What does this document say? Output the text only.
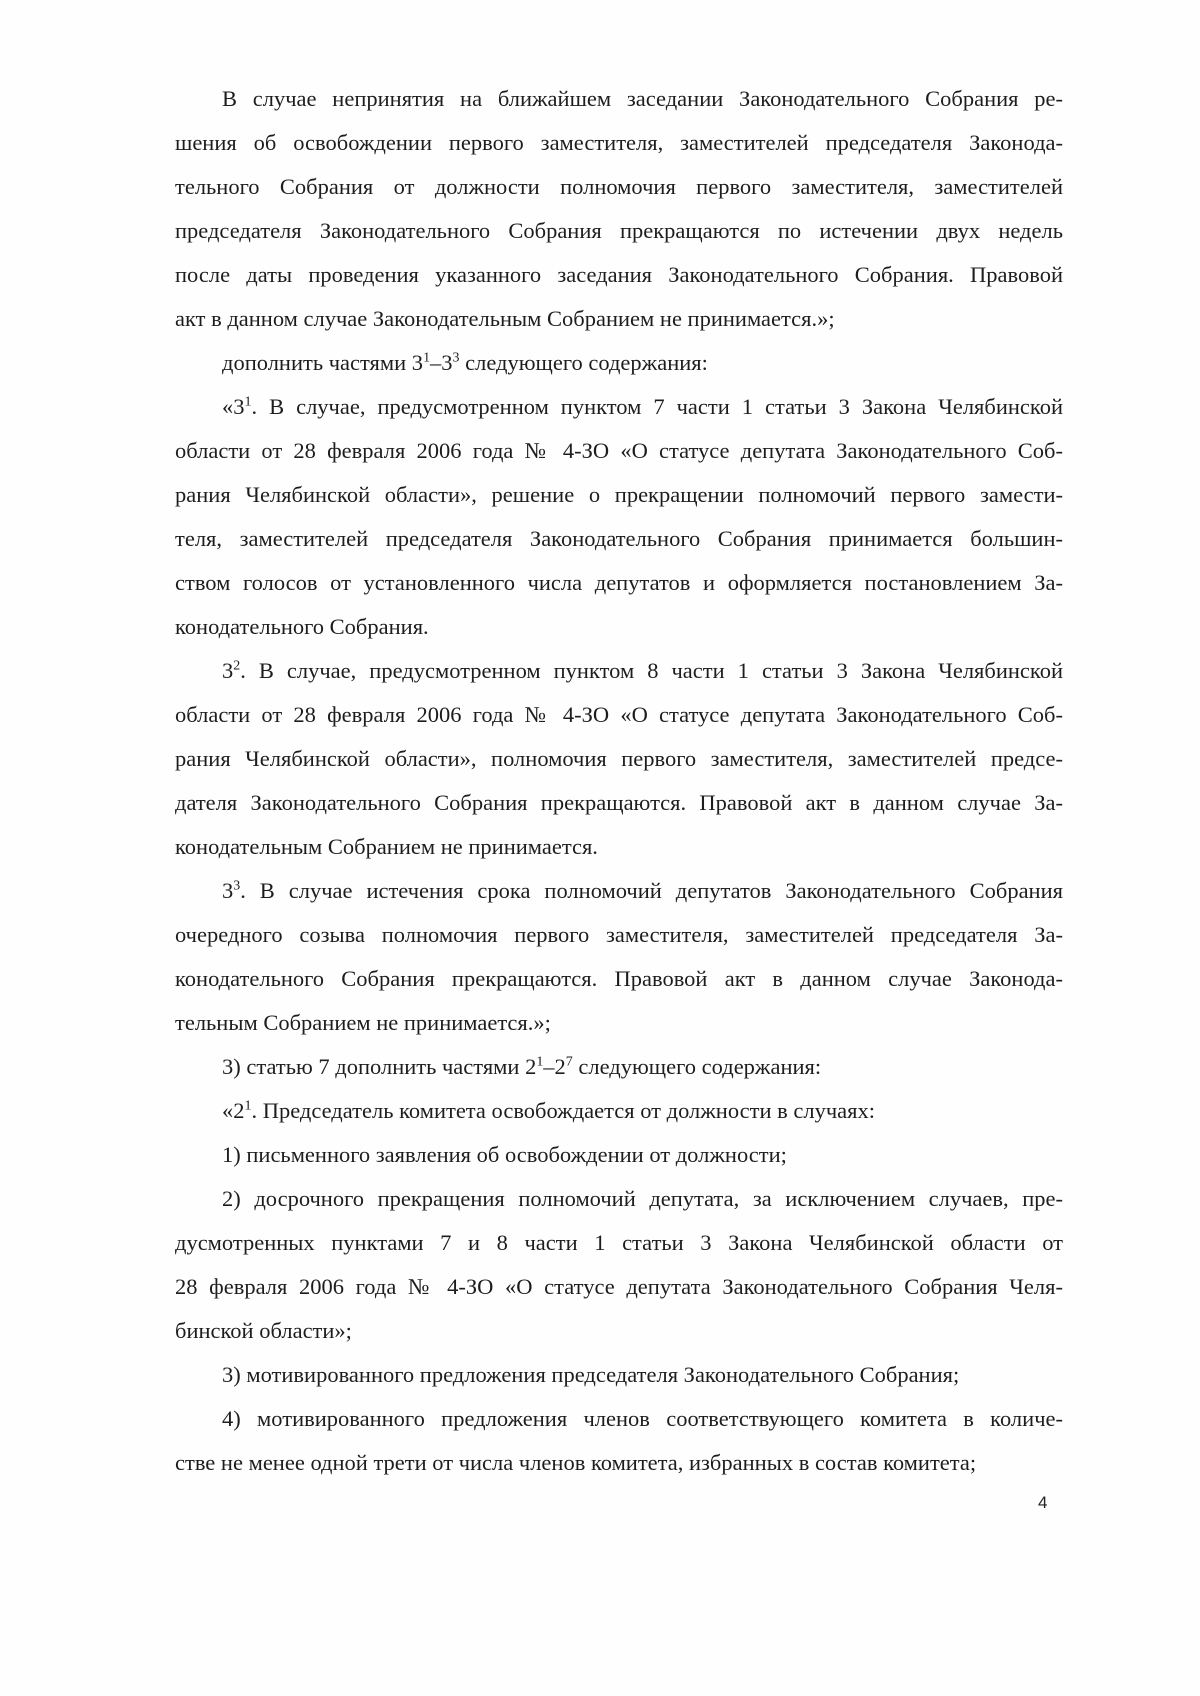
В случае непринятия на ближайшем заседании Законодательного Собрания ре-
шения об освобождении первого заместителя, заместителей председателя Законода-
тельного Собрания от должности полномочия первого заместителя, заместителей
председателя Законодательного Собрания прекращаются по истечении двух недель
после даты проведения указанного заседания Законодательного Собрания. Правовой
акт в данном случае Законодательным Собранием не принимается.»;
дополнить частями $3^1-3^3$ следующего содержания:
«$3^1$. В случае, предусмотренном пунктом 7 части 1 статьи 3 Закона Челябинской
области от 28 февраля 2006 года № 4-ЗО «О статусе депутата Законодательного Соб-
рания Челябинской области», решение о прекращении полномочий первого замести-
теля, заместителей председателя Законодательного Собрания принимается большин-
ством голосов от установленного числа депутатов и оформляется постановлением За-
конодательного Собрания.
$3^2$. В случае, предусмотренном пунктом 8 части 1 статьи 3 Закона Челябинской
области от 28 февраля 2006 года № 4-ЗО «О статусе депутата Законодательного Соб-
рания Челябинской области», полномочия первого заместителя, заместителей предсе-
дателя Законодательного Собрания прекращаются. Правовой акт в данном случае За-
конодательным Собранием не принимается.
$3^3$. В случае истечения срока полномочий депутатов Законодательного Собрания
очередного созыва полномочия первого заместителя, заместителей председателя За-
конодательного Собрания прекращаются. Правовой акт в данном случае Законода-
тельным Собранием не принимается.»;
3) статью 7 дополнить частями $2^1-2^7$ следующего содержания:
«$2^1$. Председатель комитета освобождается от должности в случаях:
1) письменного заявления об освобождении от должности;
2) досрочного прекращения полномочий депутата, за исключением случаев, пре-
дусмотренных пунктами 7 и 8 части 1 статьи 3 Закона Челябинской области от
28 февраля 2006 года № 4-ЗО «О статусе депутата Законодательного Собрания Челя-
бинской области»;
3) мотивированного предложения председателя Законодательного Собрания;
4) мотивированного предложения членов соответствующего комитета в количе-
стве не менее одной трети от числа членов комитета, избранных в состав комитета;
4
